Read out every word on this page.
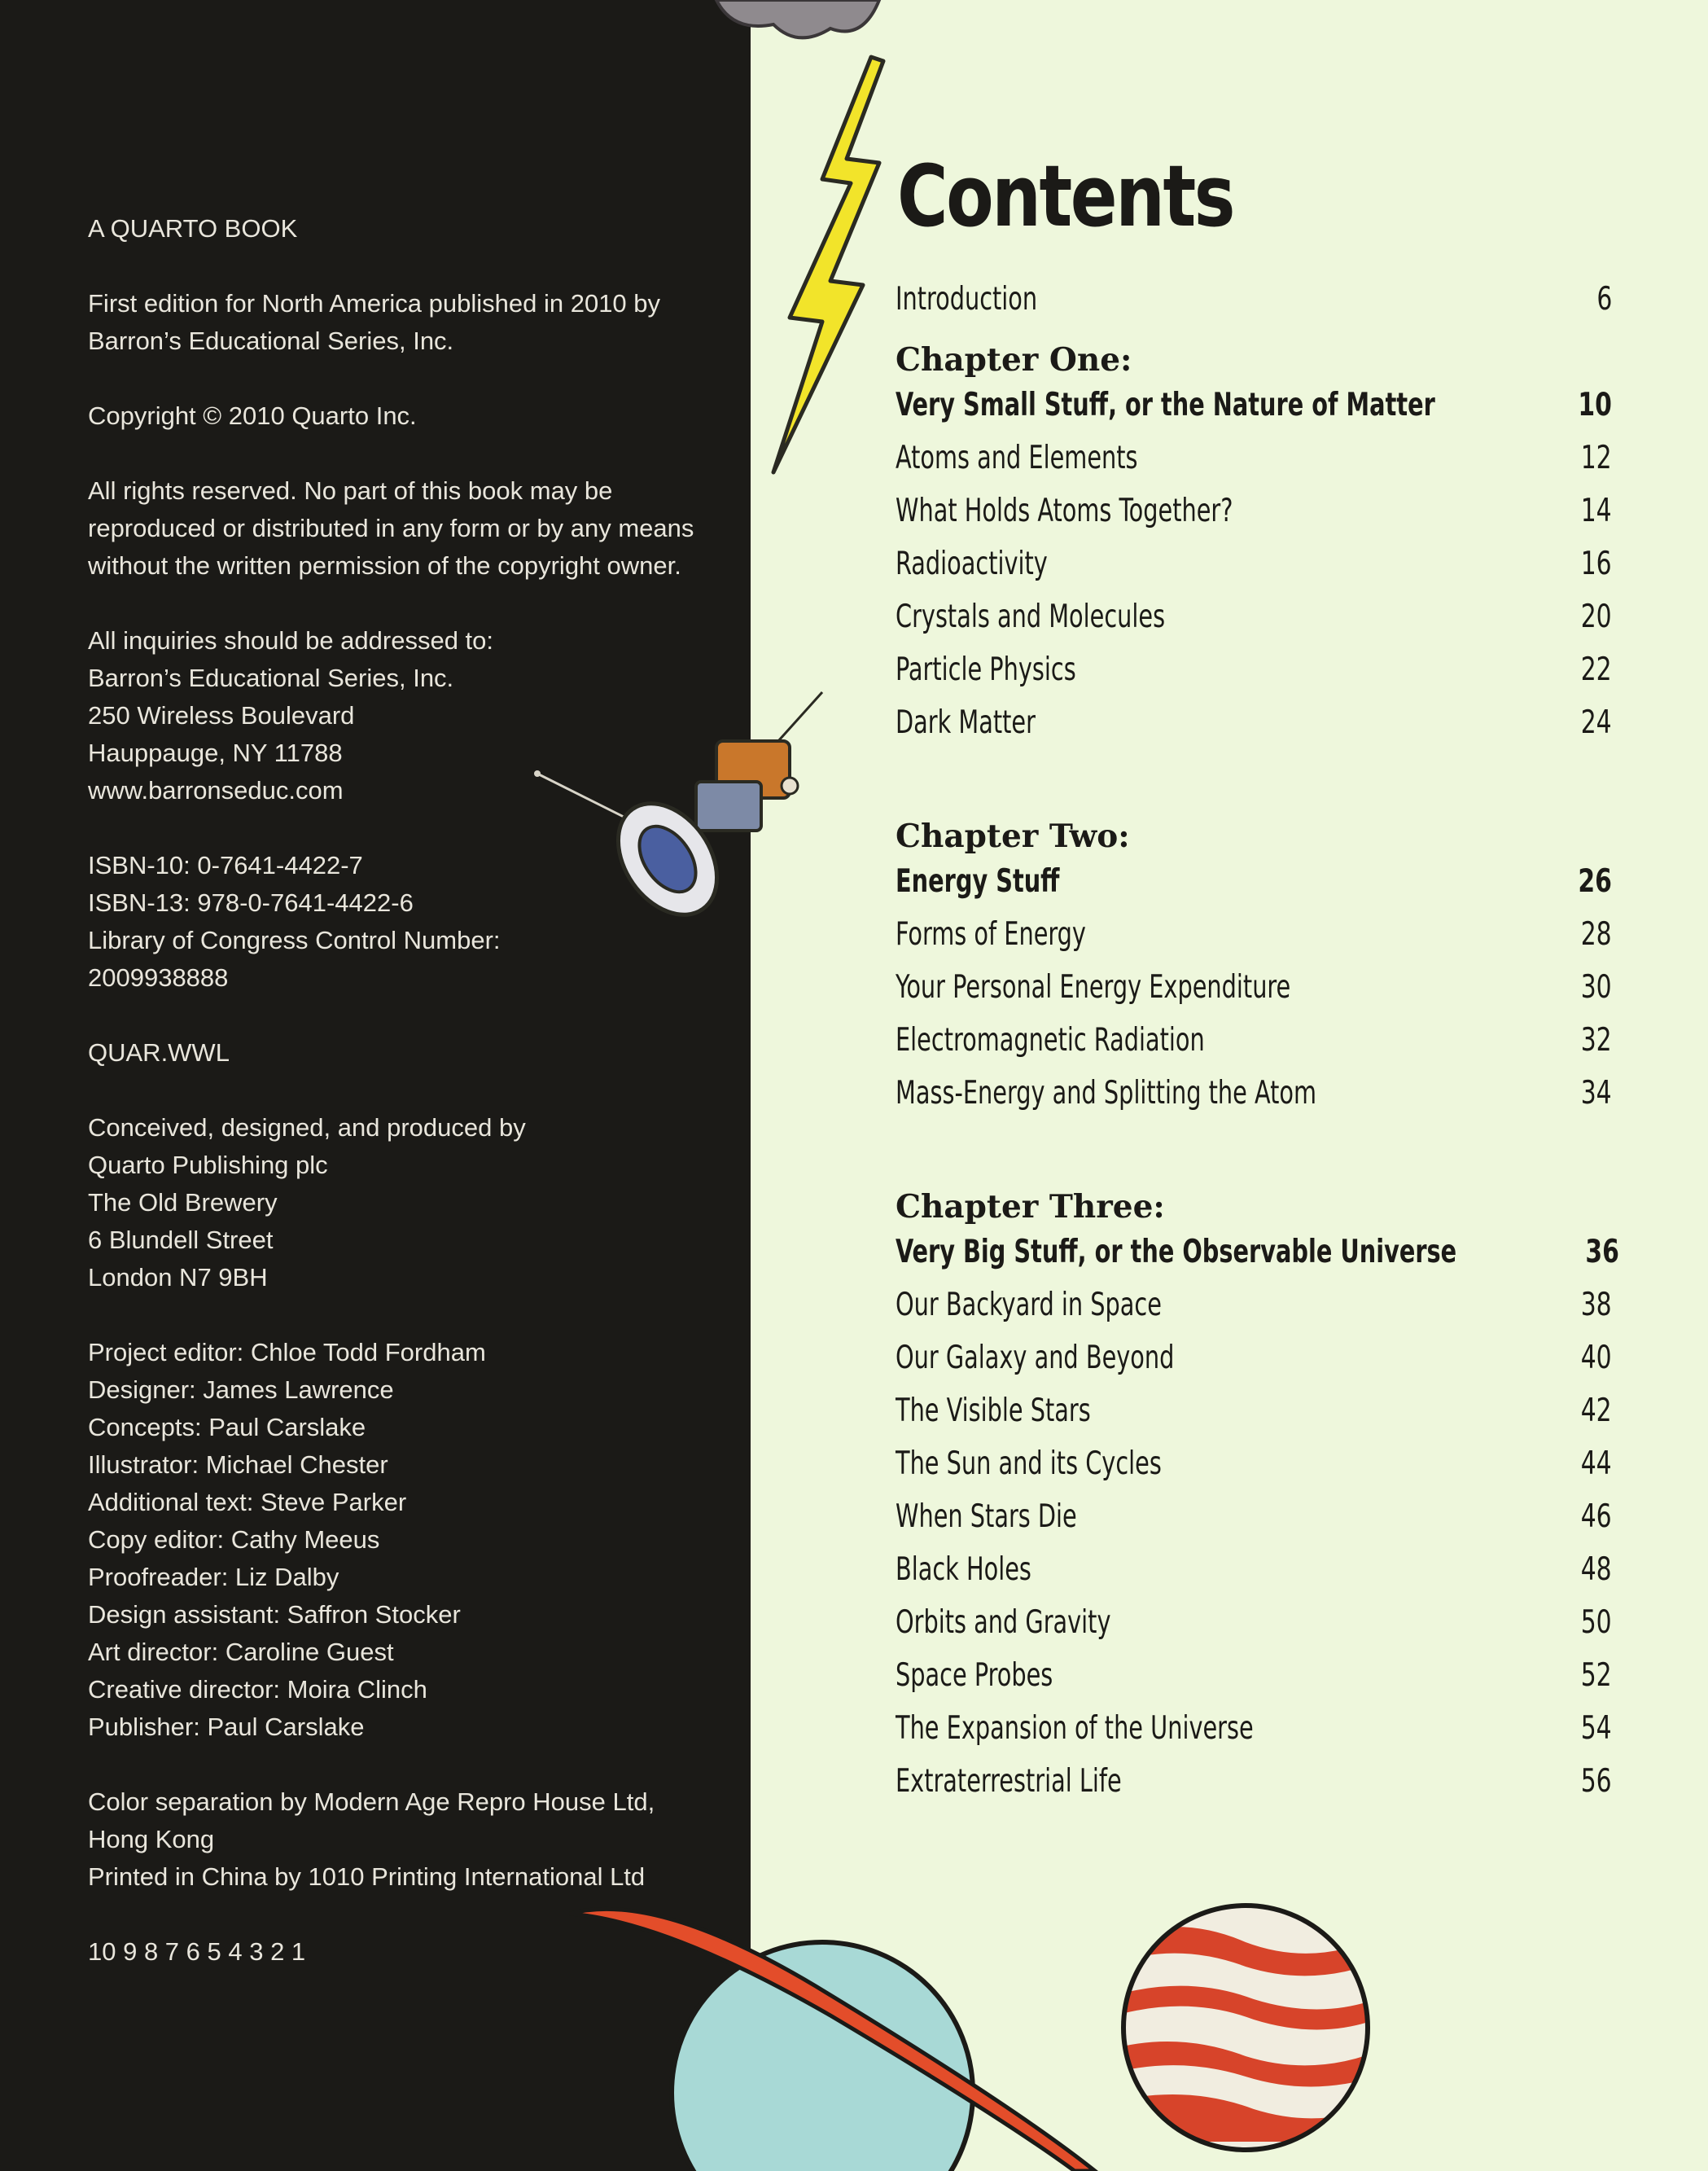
A QUARTO BOOK

First edition for North America published in 2010 by
Barron’s Educational Series, Inc.

Copyright © 2010 Quarto Inc.

All rights reserved. No part of this book may be
reproduced or distributed in any form or by any means
without the written permission of the copyright owner.

All inquiries should be addressed to:
Barron’s Educational Series, Inc.
250 Wireless Boulevard
Hauppauge, NY 11788
www.barronseduc.com

ISBN-10: 0-7641-4422-7
ISBN-13: 978-0-7641-4422-6
Library of Congress Control Number:
2009938888

QUAR.WWL

Conceived, designed, and produced by
Quarto Publishing plc
The Old Brewery
6 Blundell Street
London N7 9BH

Project editor: Chloe Todd Fordham
Designer: James Lawrence
Concepts: Paul Carslake
Illustrator: Michael Chester
Additional text: Steve Parker
Copy editor: Cathy Meeus
Proofreader: Liz Dalby
Design assistant: Saffron Stocker
Art director: Caroline Guest
Creative director: Moira Clinch
Publisher: Paul Carslake

Color separation by Modern Age Repro House Ltd,
Hong Kong
Printed in China by 1010 Printing International Ltd

10 9 8 7 6 5 4 3 2 1

Contents
Introduction	6
Chapter One:
Very Small Stuff, or the Nature of Matter	10
Atoms and Elements	12
What Holds Atoms Together?	14
Radioactivity	16
Crystals and Molecules	20
Particle Physics	22
Dark Matter	24
Chapter Two:
Energy Stuff	26
Forms of Energy	28
Your Personal Energy Expenditure	30
Electromagnetic Radiation	32
Mass-Energy and Splitting the Atom	34
Chapter Three:
Very Big Stuff, or the Observable Universe	36
Our Backyard in Space	38
Our Galaxy and Beyond	40
The Visible Stars	42
The Sun and its Cycles	44
When Stars Die	46
Black Holes	48
Orbits and Gravity	50
Space Probes	52
The Expansion of the Universe	54
Extraterrestrial Life	56
